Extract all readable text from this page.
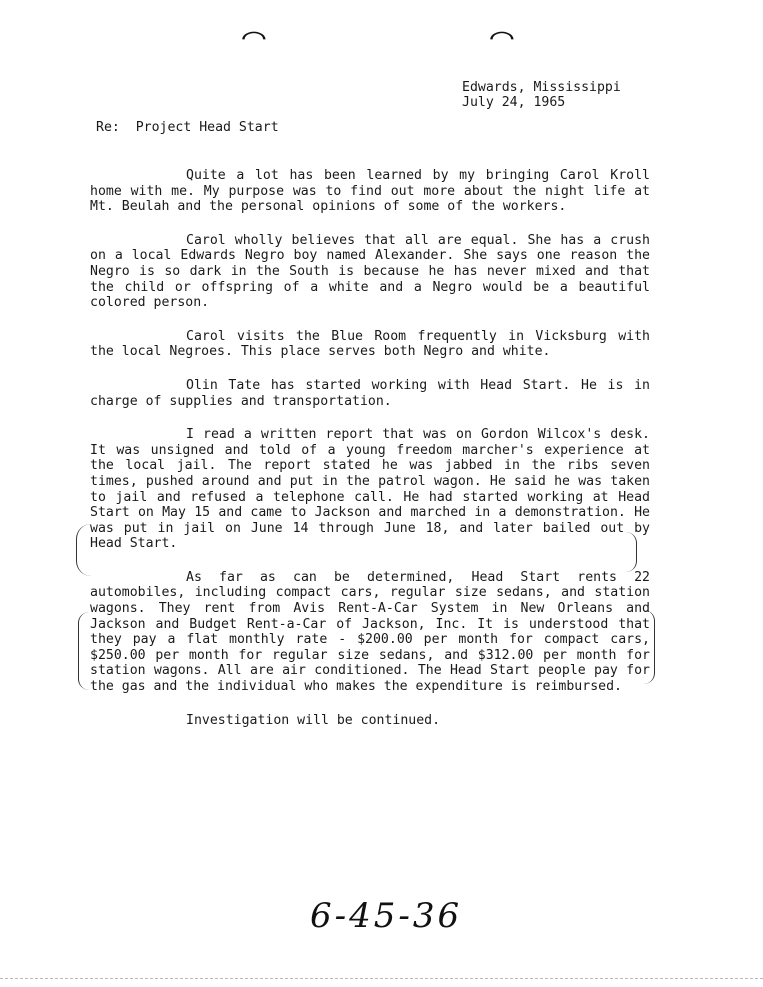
⌒	⌒
Edwards, Mississippi
July 24, 1965
Re: Project Head Start

Quite a lot has been learned by my bringing Carol Kroll home with me. My purpose was to find out more about the night life at Mt. Beulah and the personal opinions of some of the workers.

Carol wholly believes that all are equal. She has a crush on a local Edwards Negro boy named Alexander. She says one reason the Negro is so dark in the South is because he has never mixed and that the child or offspring of a white and a Negro would be a beautiful colored person.

Carol visits the Blue Room frequently in Vicksburg with the local Negroes. This place serves both Negro and white.

Olin Tate has started working with Head Start. He is in charge of supplies and transportation.

I read a written report that was on Gordon Wilcox's desk. It was unsigned and told of a young freedom marcher's experience at the local jail. The report stated he was jabbed in the ribs seven times, pushed around and put in the patrol wagon. He said he was taken to jail and refused a telephone call. He had started working at Head Start on May 15 and came to Jackson and marched in a demonstration. He was put in jail on June 14 through June 18, and later bailed out by Head Start.

As far as can be determined, Head Start rents 22 automobiles, including compact cars, regular size sedans, and station wagons. They rent from Avis Rent-A-Car System in New Orleans and Jackson and Budget Rent-a-Car of Jackson, Inc. It is understood that they pay a flat monthly rate - $200.00 per month for compact cars, $250.00 per month for regular size sedans, and $312.00 per month for station wagons. All are air conditioned. The Head Start people pay for the gas and the individual who makes the expenditure is reimbursed.

Investigation will be continued.

6-45-36
